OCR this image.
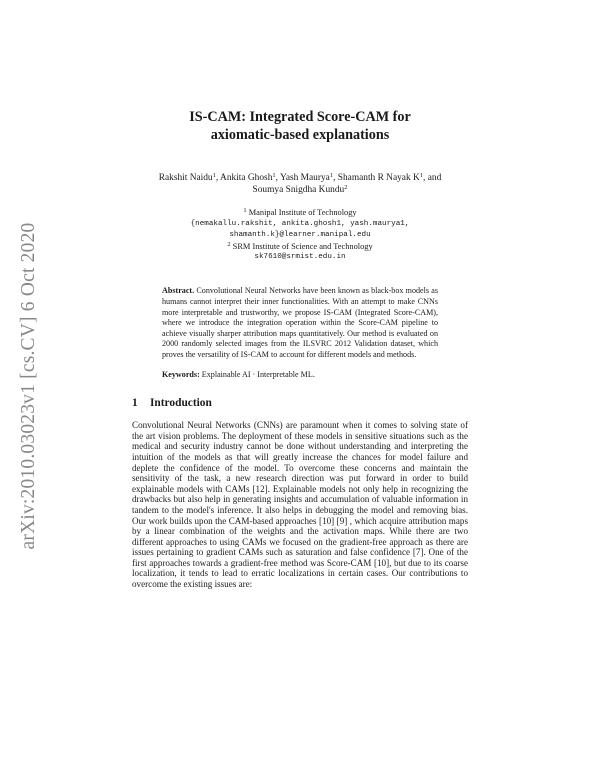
arXiv:2010.03023v1 [cs.CV] 6 Oct 2020
IS-CAM: Integrated Score-CAM for
axiomatic-based explanations
Rakshit Naidu$^1$, Ankita Ghosh$^1$, Yash Maurya$^1$, Shamanth R Nayak $K^1$, and
Soumya Snigdha Kundu$^2$
$^1$ Manipal Institute of Technology
{nemakallu.rakshit, ankita.ghosh1, yash.maurya1,
shamanth.k}@learner.manipal.edu
$^2$ SRM Institute of Science and Technology
sk7610@srmist.edu.in
Abstract. Convolutional Neural Networks have been known as black-box models as humans cannot interpret their inner functionalities. With an attempt to make CNNs more interpretable and trustworthy, we propose IS-CAM (Integrated Score-CAM), where we introduce the integration operation within the Score-CAM pipeline to achieve visually sharper attribution maps quantitatively. Our method is evaluated on 2000 randomly selected images from the ILSVRC 2012 Validation dataset, which proves the versatility of IS-CAM to account for different models and methods.
Keywords: Explainable AI · Interpretable ML.
1 Introduction
Convolutional Neural Networks (CNNs) are paramount when it comes to solving state of the art vision problems. The deployment of these models in sensitive situations such as the medical and security industry cannot be done without understanding and interpreting the intuition of the models as that will greatly increase the chances for model failure and deplete the confidence of the model. To overcome these concerns and maintain the sensitivity of the task, a new research direction was put forward in order to build explainable models with CAMs [12]. Explainable models not only help in recognizing the drawbacks but also help in generating insights and accumulation of valuable information in tandem to the model's inference. It also helps in debugging the model and removing bias. Our work builds upon the CAM-based approaches [10] [9] , which acquire attribution maps by a linear combination of the weights and the activation maps. While there are two different approaches to using CAMs we focused on the gradient-free approach as there are issues pertaining to gradient CAMs such as saturation and false confidence [7]. One of the first approaches towards a gradient-free method was Score-CAM [10], but due to its coarse localization, it tends to lead to erratic localizations in certain cases. Our contributions to overcome the existing issues are:
